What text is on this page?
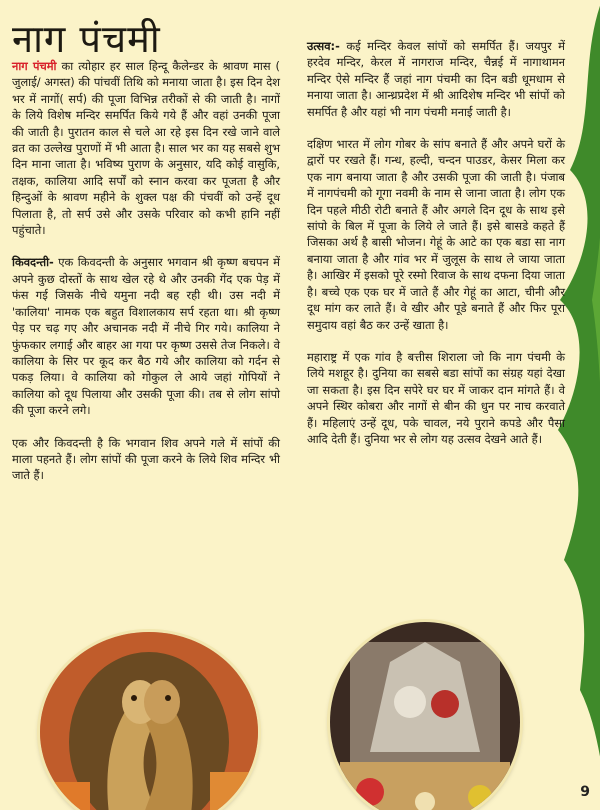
नाग पंचमी

नाग पंचमी का त्योहार हर साल हिन्दू कैलेन्डर के श्रावण मास ( जुलाई/ अगस्त) की पांचवीं तिथि को मनाया जाता है। इस दिन देश भर में नागों( सर्प) की पूजा विभिन्न तरीकों से की जाती है। नागों के लिये विशेष मन्दिर समर्पित किये गये हैं और वहां उनकी पूजा की जाती है। पुरातन काल से चले आ रहे इस दिन रखे जाने वाले व्रत का उल्लेख पुराणों में भी आता है। साल भर का यह सबसे शुभ दिन माना जाता है। भविष्य पुराण के अनुसार, यदि कोई वासुकि, तक्षक, कालिया आदि सर्पों को स्नान करवा कर पूजता है और हिन्दुओं के श्रावण महीने के शुक्ल पक्ष की पंचवीं को उन्हें दूध पिलाता है, तो सर्प उसे और उसके परिवार को कभी हानि नहीं पहुंचाते।

किवदन्ती- एक किवदन्ती के अनुसार भगवान श्री कृष्ण बचपन में अपने कुछ दोस्तों के साथ खेल रहे थे और उनकी गेंद एक पेड़ में फंस गई जिसके नीचे यमुना नदी बह रही थी। उस नदी में 'कालिया' नामक एक बहुत विशालकाय सर्प रहता था। श्री कृष्ण पेड़ पर चढ़ गए और अचानक नदी में नीचे गिर गये। कालिया ने फुंफकार लगाई और बाहर आ गया पर कृष्ण उससे तेज निकले। वे कालिया के सिर पर कूद कर बैठ गये और कालिया को गर्दन से पकड़ लिया। वे कालिया को गोकुल ले आये जहां गोपियों ने कालिया को दूध पिलाया और उसकी पूजा की। तब से लोग सांपो की पूजा करने लगे।

एक और किवदन्ती है कि भगवान शिव अपने गले में सांपों की माला पहनते हैं। लोग सांपों की पूजा करने के लिये शिव मन्दिर भी जाते हैं।

उत्सव:- कई मन्दिर केवल सांपों को समर्पित हैं। जयपुर में हरदेव मन्दिर, केरल में नागराज मन्दिर, चैन्नई में नागाथामन मन्दिर ऐसे मन्दिर हैं जहां नाग पंचमी का दिन बडी धूमधाम से मनाया जाता है। आन्ध्रप्रदेश में श्री आदिशेष मन्दिर भी सांपों को समर्पित है और यहां भी नाग पंचमी मनाई जाती है।

दक्षिण भारत में लोग गोबर के सांप बनाते हैं और अपने घरों के द्वारों पर रखते हैं। गन्ध, हल्दी, चन्दन पाउडर, केसर मिला कर एक नाग बनाया जाता है और उसकी पूजा की जाती है। पंजाब में नागपंचमी को गूगा नवमी के नाम से जाना जाता है। लोग एक दिन पहले मीठी रोटी बनाते हैं और अगले दिन दूध के साथ इसे सांपो के बिल में पूजा के लिये ले जाते हैं। इसे बासडे कहते हैं जिसका अर्थ है बासी भोजन। गेहूं के आटे का एक बडा सा नाग बनाया जाता है और गांव भर में जुलूस के साथ ले जाया जाता है। आखिर में इसको पूरे रस्मो रिवाज के साथ दफना दिया जाता है। बच्चे एक एक घर में जाते हैं और गेहूं का आटा, चीनी और दूध मांग कर लाते हैं। वे खीर और पूडे बनाते हैं और फिर पूरा समुदाय वहां बैठ कर उन्हें खाता है।

महाराष्ट्र में एक गांव है बत्तीस शिराला जो कि नाग पंचमी के लिये मशहूर है। दुनिया का सबसे बडा सांपों का संग्रह यहां देखा जा सकता है। इस दिन सपेरे घर घर में जाकर दान मांगते हैं। वे अपने स्थिर कोबरा और नागों से बीन की धुन पर नाच करवाते हैं। महिलाएं उन्हें दूध, पके चावल, नये पुराने कपडे और पैसा आदि देती हैं। दुनिया भर से लोग यह उत्सव देखने आते हैं।

9
